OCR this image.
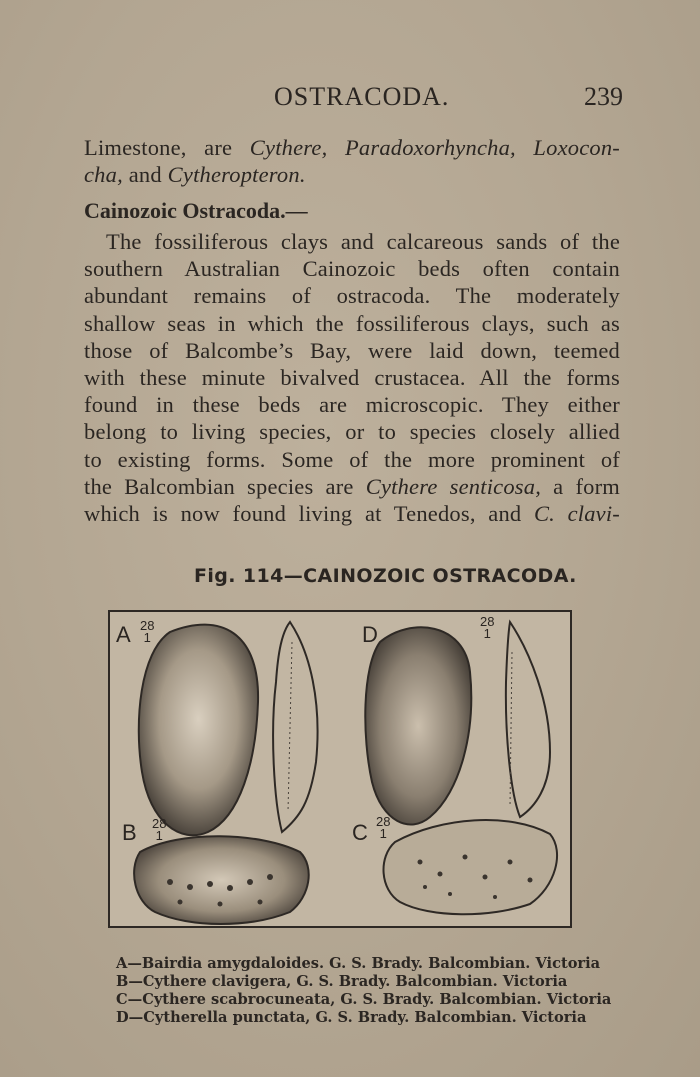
OSTRACODA.	239
Limestone, are Cythere, Paradoxorhyncha, Loxocon-
cha, and Cytheropteron.
Cainozoic Ostracoda.—
The fossiliferous clays and calcareous sands of the
southern Australian Cainozoic beds often contain
abundant remains of ostracoda. The moderately
shallow seas in which the fossiliferous clays, such as
those of Balcombe’s Bay, were laid down, teemed
with these minute bivalved crustacea. All the forms
found in these beds are microscopic. They either
belong to living species, or to species closely allied
to existing forms. Some of the more prominent of
the Balcombian species are Cythere senticosa, a form
which is now found living at Tenedos, and C. clavi-
Fig. 114—CAINOZOIC OSTRACODA.
A 28
1	D
28
1
B 28
1	C 28
1
A—Bairdia amygdaloides. G. S. Brady. Balcombian. Victoria
B—Cythere clavigera, G. S. Brady. Balcombian. Victoria
C—Cythere scabrocuneata, G. S. Brady. Balcombian. Victoria
D—Cytherella punctata, G. S. Brady. Balcombian. Victoria
